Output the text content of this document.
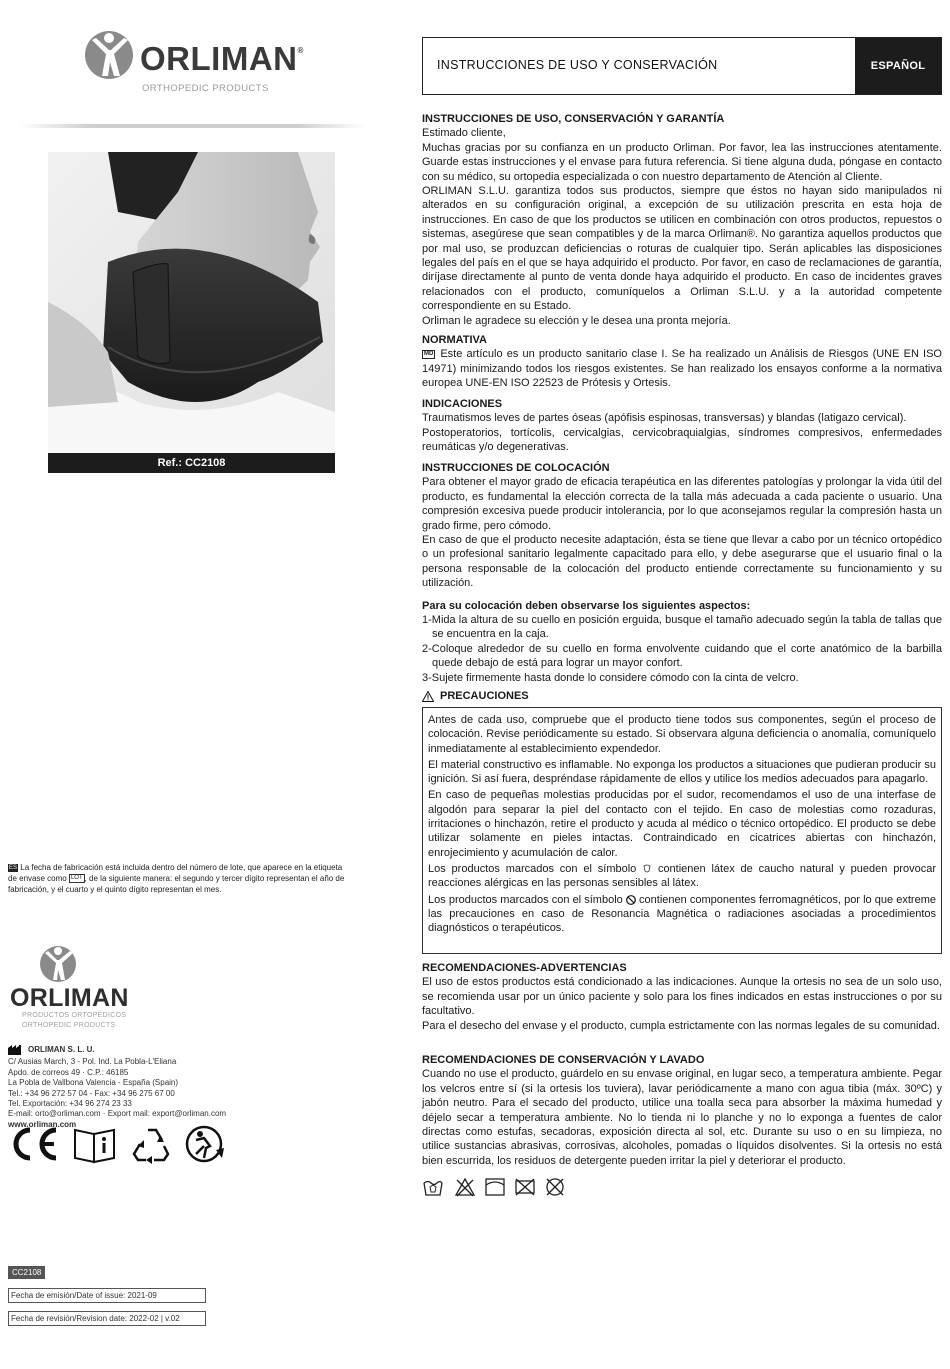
ORLIMAN®
ORTHOPEDIC PRODUCTS
Ref.: CC2108
ES La fecha de fabricación está incluida dentro del número de lote, que aparece en la etiqueta de envase como LOT , de la siguiente manera: el segundo y tercer dígito representan el año de fabricación, y el cuarto y el quinto dígito representan el mes.
ORLIMAN
PRODUCTOS ORTOPÉDICOS
ORTHOPEDIC PRODUCTS
ORLIMAN S. L. U.
C/ Ausias March, 3 - Pol. Ind. La Pobla-L'Eliana
Apdo. de correos 49 · C.P.: 46185
La Pobla de Vallbona Valencia - España (Spain)
Tel.: +34 96 272 57 04 - Fax: +34 96 275 67 00
Tel. Exportación: +34 96 274 23 33
E-mail: orto@orliman.com · Export mail: export@orliman.com
www.orliman.com
CC2108
Fecha de emisión/Date of issue: 2021-09
Fecha de revisión/Revision date: 2022-02 | v.02
INSTRUCCIONES DE USO Y CONSERVACIÓN	ESPAÑOL
INSTRUCCIONES DE USO, CONSERVACIÓN Y GARANTÍA

Estimado cliente,

Muchas gracias por su confianza en un producto Orliman. Por favor, lea las instrucciones atentamente. Guarde estas instrucciones y el envase para futura referencia. Si tiene alguna duda, póngase en contacto con su médico, su ortopedia especializada o con nuestro departamento de Atención al Cliente.

ORLIMAN S.L.U. garantiza todos sus productos, siempre que éstos no hayan sido manipulados ni alterados en su configuración original, a excepción de su utilización prescrita en esta hoja de instrucciones. En caso de que los productos se utilicen en combinación con otros productos, repuestos o sistemas, asegúrese que sean compatibles y de la marca Orliman®. No garantiza aquellos productos que por mal uso, se produzcan deficiencias o roturas de cualquier tipo. Serán aplicables las disposiciones legales del país en el que se haya adquirido el producto. Por favor, en caso de reclamaciones de garantía, diríjase directamente al punto de venta donde haya adquirido el producto. En caso de incidentes graves relacionados con el producto, comuníquelos a Orliman S.L.U. y a la autoridad competente correspondiente en su Estado.

Orliman le agradece su elección y le desea una pronta mejoría.

NORMATIVA

MD Este artículo es un producto sanitario clase I. Se ha realizado un Análisis de Riesgos (UNE EN ISO 14971) minimizando todos los riesgos existentes. Se han realizado los ensayos conforme a la normativa europea UNE-EN ISO 22523 de Prótesis y Ortesis.

INDICACIONES

Traumatismos leves de partes óseas (apófisis espinosas, transversas) y blandas (latigazo cervical).

Postoperatorios, tortícolis, cervicalgias, cervicobraquialgias, síndromes compresivos, enfermedades reumáticas y/o degenerativas.

INSTRUCCIONES DE COLOCACIÓN

Para obtener el mayor grado de eficacia terapéutica en las diferentes patologías y prolongar la vida útil del producto, es fundamental la elección correcta de la talla más adecuada a cada paciente o usuario. Una compresión excesiva puede producir intolerancia, por lo que aconsejamos regular la compresión hasta un grado firme, pero cómodo.

En caso de que el producto necesite adaptación, ésta se tiene que llevar a cabo por un técnico ortopédico o un profesional sanitario legalmente capacitado para ello, y debe asegurarse que el usuario final o la persona responsable de la colocación del producto entiende correctamente su funcionamiento y su utilización.

Para su colocación deben observarse los siguientes aspectos:

1-Mida la altura de su cuello en posición erguida, busque el tamaño adecuado según la tabla de tallas que se encuentra en la caja.

2-Coloque alrededor de su cuello en forma envolvente cuidando que el corte anatómico de la barbilla quede debajo de está para lograr un mayor confort.

3-Sujete firmemente hasta donde lo considere cómodo con la cinta de velcro.

PRECAUCIONES

Antes de cada uso, compruebe que el producto tiene todos sus componentes, según el proceso de colocación. Revise periódicamente su estado. Si observara alguna deficiencia o anomalía, comuníquelo inmediatamente al establecimiento expendedor.

El material constructivo es inflamable. No exponga los productos a situaciones que pudieran producir su ignición. Si así fuera, despréndase rápidamente de ellos y utilice los medios adecuados para apagarlo.

En caso de pequeñas molestias producidas por el sudor, recomendamos el uso de una interfase de algodón para separar la piel del contacto con el tejido. En caso de molestias como rozaduras, irritaciones o hinchazón, retire el producto y acuda al médico o técnico ortopédico. El producto se debe utilizar solamente en pieles intactas. Contraindicado en cicatrices abiertas con hinchazón, enrojecimiento y acumulación de calor.

Los productos marcados con el símbolo contienen látex de caucho natural y pueden provocar reacciones alérgicas en las personas sensibles al látex.

Los productos marcados con el símbolo contienen componentes ferromagnéticos, por lo que extreme las precauciones en caso de Resonancia Magnética o radiaciones asociadas a procedimientos diagnósticos o terapéuticos.

RECOMENDACIONES-ADVERTENCIAS

El uso de estos productos está condicionado a las indicaciones. Aunque la ortesis no sea de un solo uso, se recomienda usar por un único paciente y solo para los fines indicados en estas instrucciones o por su facultativo.

Para el desecho del envase y el producto, cumpla estrictamente con las normas legales de su comunidad.

RECOMENDACIONES DE CONSERVACIÓN Y LAVADO

Cuando no use el producto, guárdelo en su envase original, en lugar seco, a temperatura ambiente. Pegar los velcros entre sí (si la ortesis los tuviera), lavar periódicamente a mano con agua tibia (máx. 30ºC) y jabón neutro. Para el secado del producto, utilice una toalla seca para absorber la máxima humedad y déjelo secar a temperatura ambiente. No lo tienda ni lo planche y no lo exponga a fuentes de calor directas como estufas, secadoras, exposición directa al sol, etc. Durante su uso o en su limpieza, no utilice sustancias abrasivas, corrosivas, alcoholes, pomadas o líquidos disolventes. Si la ortesis no está bien escurrida, los residuos de detergente pueden irritar la piel y deteriorar el producto.
